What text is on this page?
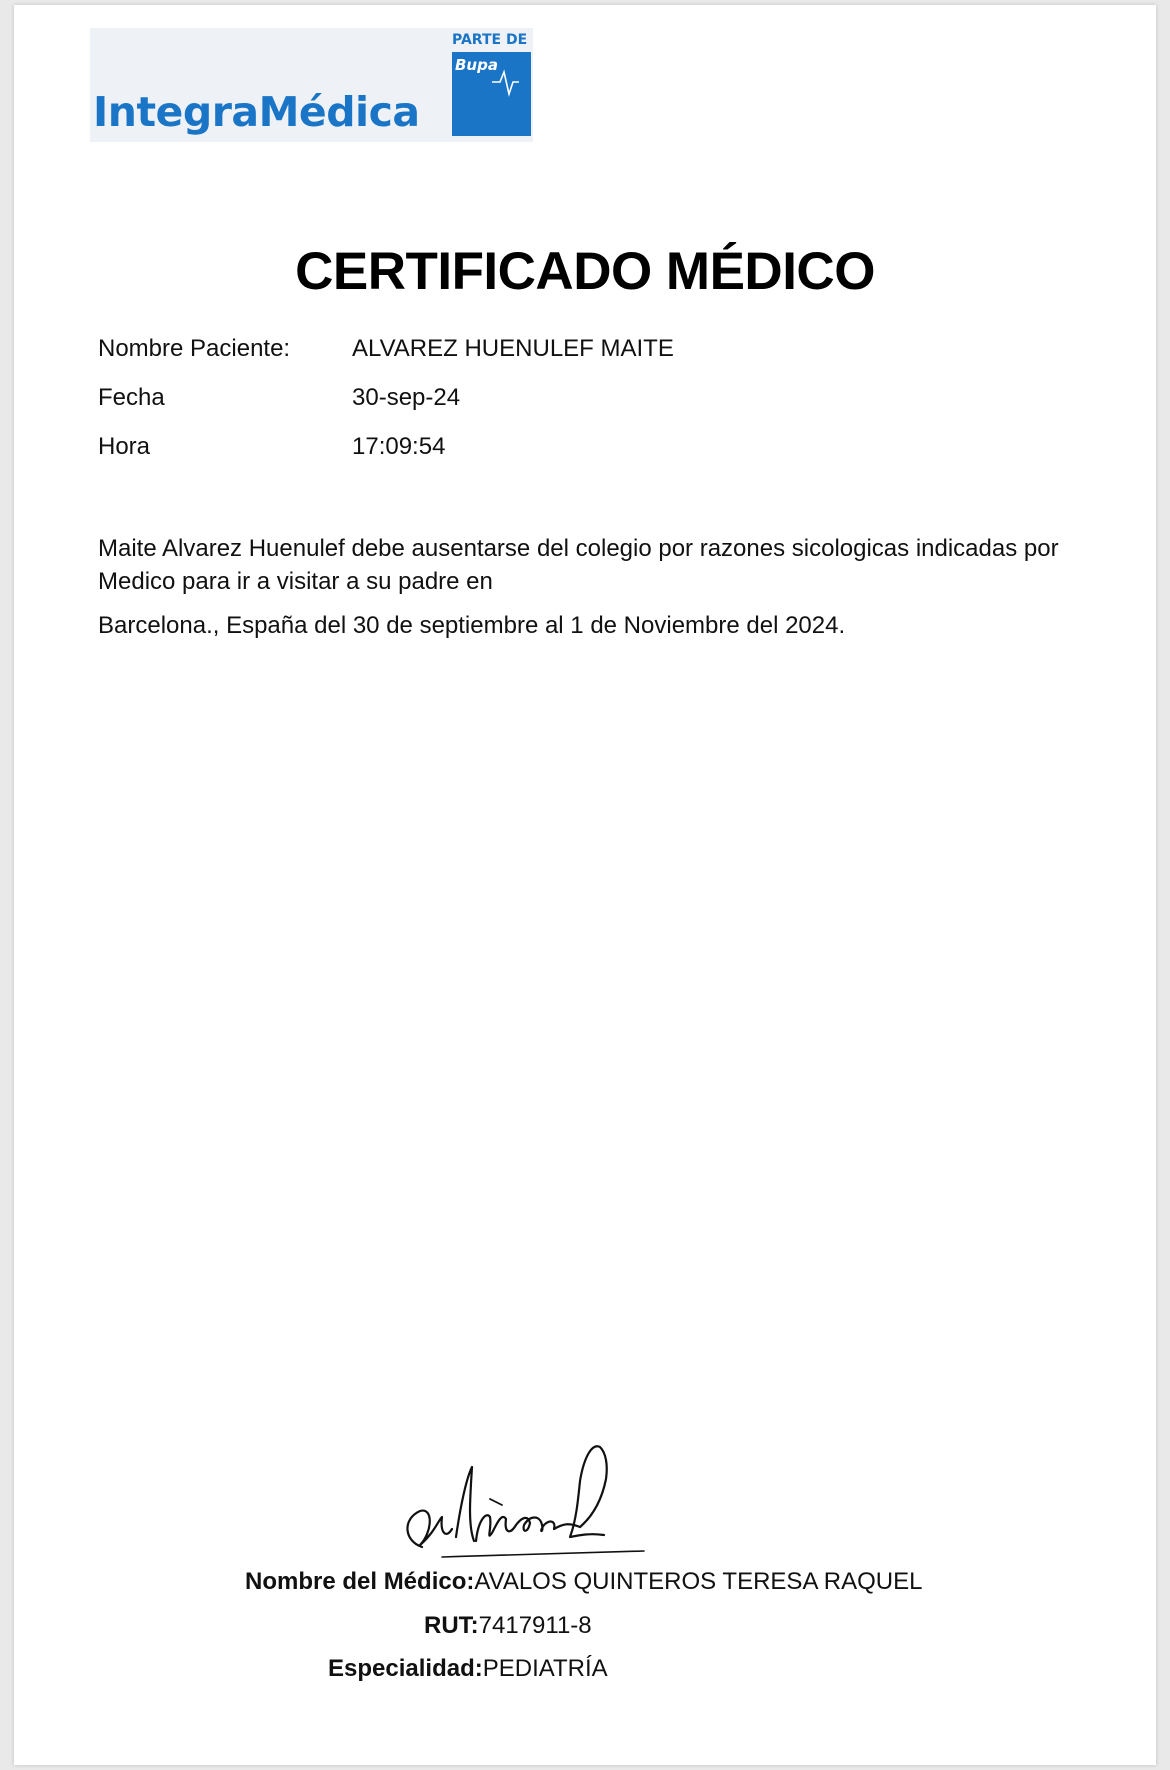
IntegraMédica
PARTE DE
Bupa
CERTIFICADO MÉDICO
Nombre Paciente:	ALVAREZ HUENULEF MAITE
Fecha	30-sep-24
Hora	17:09:54
Maite Alvarez Huenulef debe ausentarse del colegio por razones sicologicas indicadas por Medico para ir a visitar a su padre en
Barcelona., España del 30 de septiembre al 1 de Noviembre del 2024.
Nombre del Médico:AVALOS QUINTEROS TERESA RAQUEL
RUT:7417911-8
Especialidad:PEDIATRÍA
